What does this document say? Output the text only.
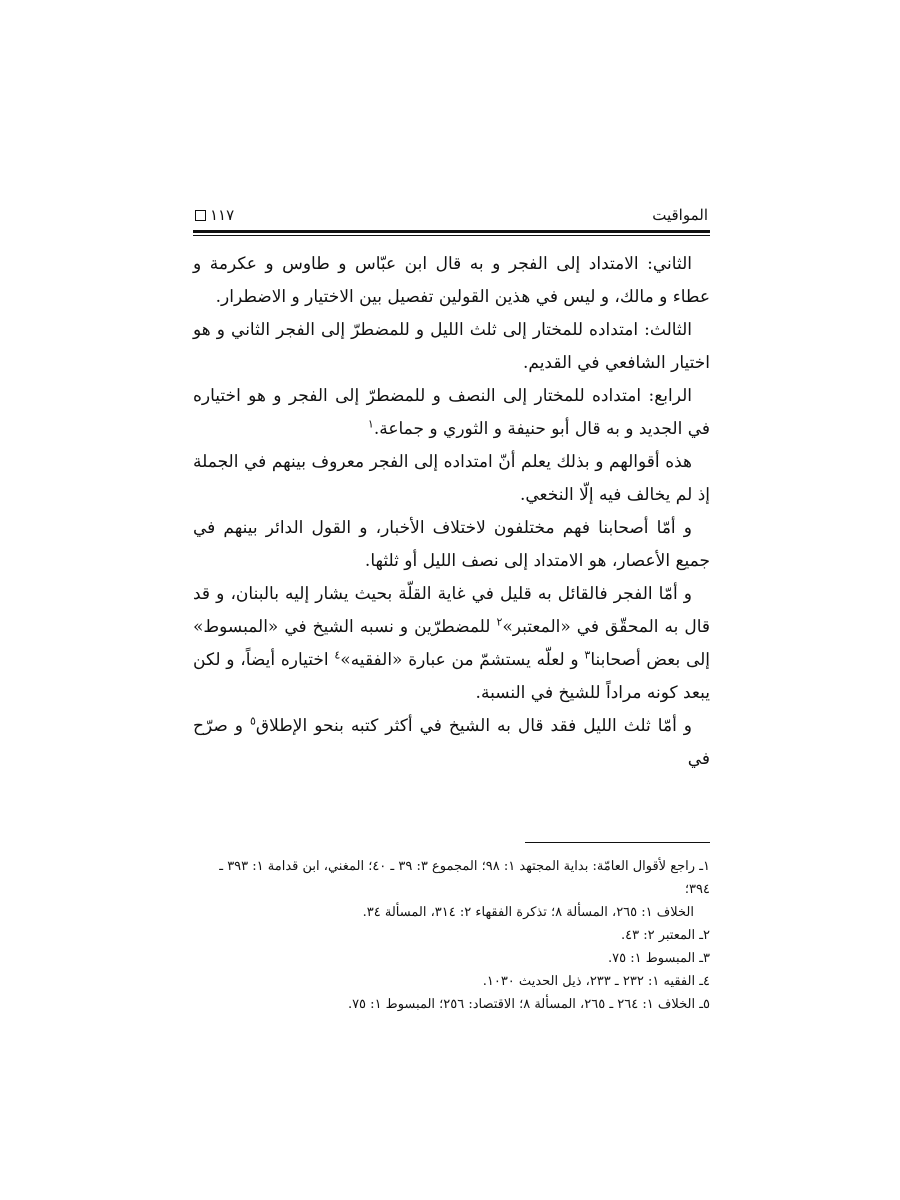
المواقيت
١١٧

الثاني: الامتداد إلى الفجر و به قال ابن عبّاس و طاوس و عكرمة و عطاء و مالك، و ليس في هذين القولين تفصيل بين الاختيار و الاضطرار.

الثالث: امتداده للمختار إلى ثلث الليل و للمضطرّ إلى الفجر الثاني و هو اختيار الشافعي في القديم.

الرابع: امتداده للمختار إلى النصف و للمضطرّ إلى الفجر و هو اختياره في الجديد و به قال أبو حنيفة و الثوري و جماعة.$^١$

هذه أقوالهم و بذلك يعلم أنّ امتداده إلى الفجر معروف بينهم في الجملة إذ لم يخالف فيه إلّا النخعي.

و أمّا أصحابنا فهم مختلفون لاختلاف الأخبار، و القول الدائر بينهم في جميع الأعصار، هو الامتداد إلى نصف الليل أو ثلثها.

و أمّا الفجر فالقائل به قليل في غاية القلّة بحيث يشار إليه بالبنان، و قد قال به المحقّق في «المعتبر»$^٢$ للمضطرّين و نسبه الشيخ في «المبسوط» إلى بعض أصحابنا$^٣$ و لعلّه يستشمّ من عبارة «الفقيه»$^٤$ اختياره أيضاً، و لكن يبعد كونه مراداً للشيخ في النسبة.

و أمّا ثلث الليل فقد قال به الشيخ في أكثر كتبه بنحو الإطلاق$^٥$ و صرّح في

١ـ راجع لأقوال العامّة: بداية المجتهد ١: ٩٨؛ المجموع ٣: ٣٩ ـ ٤٠؛ المغني، ابن قدامة ١: ٣٩٣ ـ ٣٩٤؛

الخلاف ١: ٢٦٥، المسألة ٨؛ تذكرة الفقهاء ٢: ٣١٤، المسألة ٣٤.

٢ـ المعتبر ٢: ٤٣.

٣ـ المبسوط ١: ٧٥.

٤ـ الفقيه ١: ٢٣٢ ـ ٢٣٣، ذيل الحديث ١٠٣٠.

٥ـ الخلاف ١: ٢٦٤ ـ ٢٦٥، المسألة ٨؛ الاقتصاد: ٢٥٦؛ المبسوط ١: ٧٥.
